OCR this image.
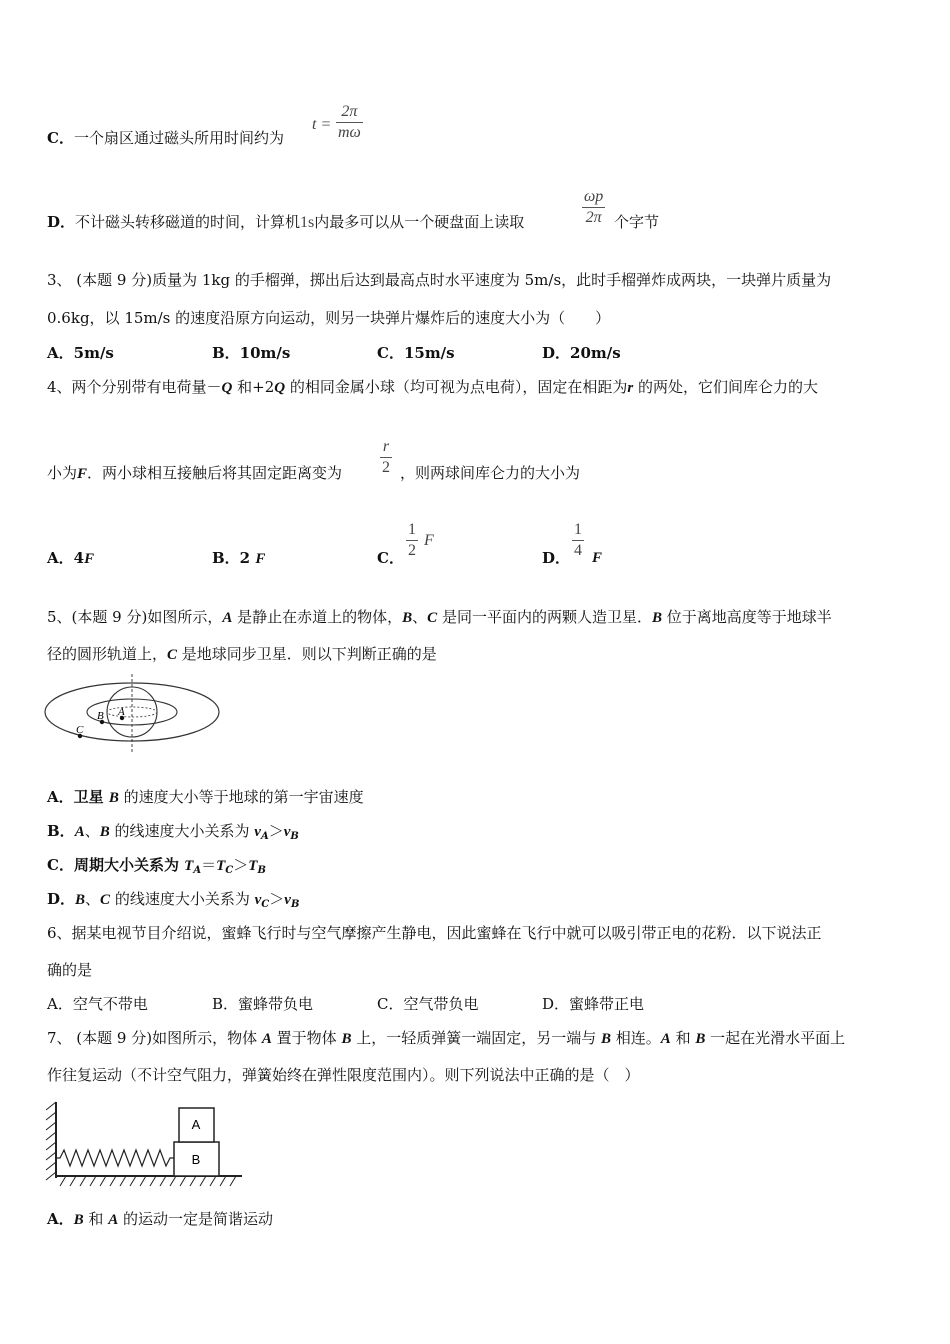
C．一个扇区通过磁头所用时间约为
t =
2π
mω
D．不计磁头转移磁道的时间，计算机1s内最多可以从一个硬盘面上读取
ωp
2π 个字节
3、 (本题 9 分)质量为 1kg 的手榴弹，掷出后达到最高点时水平速度为 5m/s，此时手榴弹炸成两块，一块弹片质量为
0.6kg，以 15m/s 的速度沿原方向运动，则另一块弹片爆炸后的速度大小为（　　）
A．5m/s	B．10m/s	C．15m/s	D．20m/s
4、两个分别带有电荷量－Q 和+2Q 的相同金属小球（均可视为点电荷），固定在相距为r 的两处，它们间库仑力的大
小为F．两小球相互接触后将其固定距离变为
r
2 ，则两球间库仑力的大小为
A．4F	B．2 F	C．
1
2
F
D．
1
4 F
5、(本题 9 分)如图所示，A 是静止在赤道上的物体，B、C 是同一平面内的两颗人造卫星．B 位于离地高度等于地球半
径的圆形轨道上，C 是地球同步卫星．则以下判断正确的是
B A
C
A．卫星 B 的速度大小等于地球的第一宇宙速度
B．A、B 的线速度大小关系为 $v_A>v_B$
C．周期大小关系为 $T_A=T_C>T_B$
D．B、C 的线速度大小关系为 $v_C>v_B$
6、据某电视节目介绍说，蜜蜂飞行时与空气摩擦产生静电，因此蜜蜂在飞行中就可以吸引带正电的花粉．以下说法正
确的是
A．空气不带电	B．蜜蜂带负电	C．空气带负电	D．蜜蜂带正电
7、 (本题 9 分)如图所示，物体 A 置于物体 B 上，一轻质弹簧一端固定，另一端与 B 相连。A 和 B 一起在光滑水平面上
作往复运动（不计空气阻力，弹簧始终在弹性限度范围内）。则下列说法中正确的是（　）
A
B
A．B 和 A 的运动一定是简谐运动
